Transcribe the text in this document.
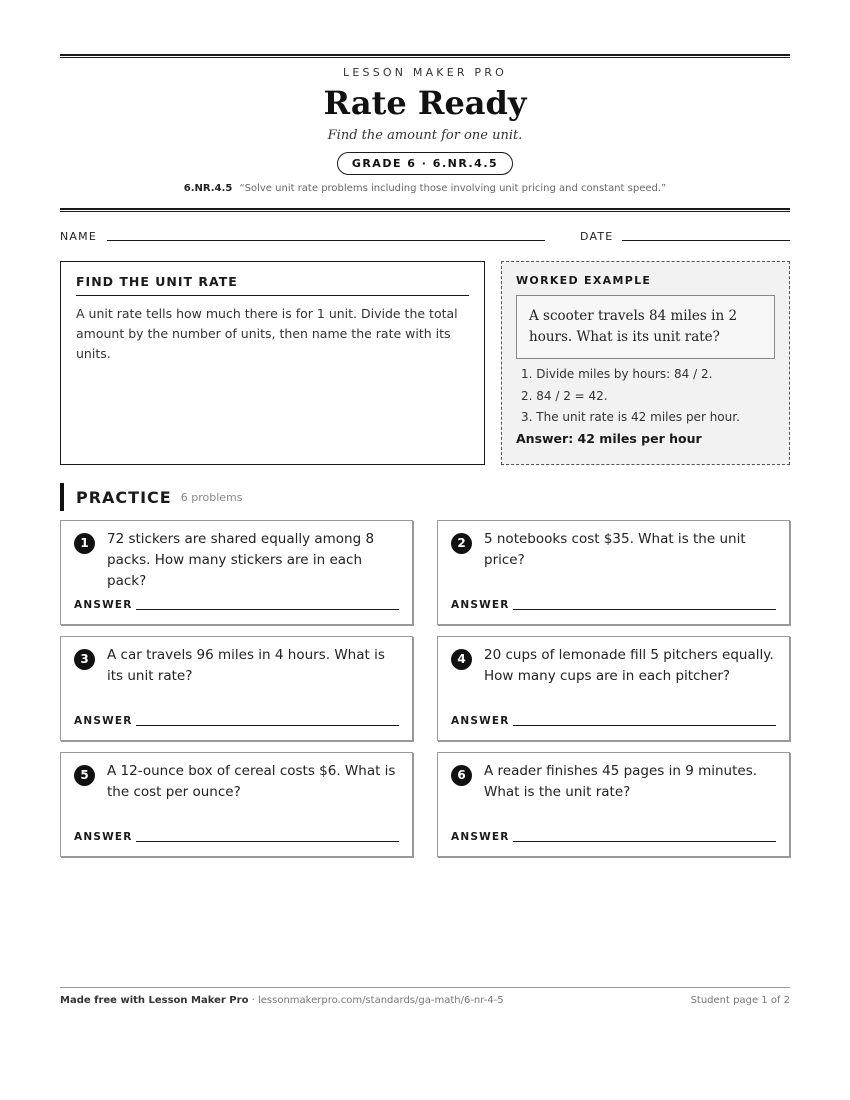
LESSON MAKER PRO
Rate Ready
Find the amount for one unit.
GRADE 6 · 6.NR.4.5
6.NR.4.5 “Solve unit rate problems including those involving unit pricing and constant speed.”
NAME	DATE
FIND THE UNIT RATE
A unit rate tells how much there is for 1 unit. Divide the total amount by the number of units, then name the rate with its units.
WORKED EXAMPLE
A scooter travels 84 miles in 2 hours. What is its unit rate?
1. Divide miles by hours: 84 / 2.
2. 84 / 2 = 42.
3. The unit rate is 42 miles per hour.
Answer: 42 miles per hour
PRACTICE 6 problems
1	72 stickers are shared equally among 8 packs. How many stickers are in each pack?
ANSWER
2	5 notebooks cost $35. What is the unit price?
ANSWER
3	A car travels 96 miles in 4 hours. What is its unit rate?
ANSWER
4	20 cups of lemonade fill 5 pitchers equally. How many cups are in each pitcher?
ANSWER
5	A 12-ounce box of cereal costs $6. What is the cost per ounce?
ANSWER
6	A reader finishes 45 pages in 9 minutes. What is the unit rate?
ANSWER
Made free with Lesson Maker Pro · lessonmakerpro.com/standards/ga-math/6-nr-4-5	Student page 1 of 2
